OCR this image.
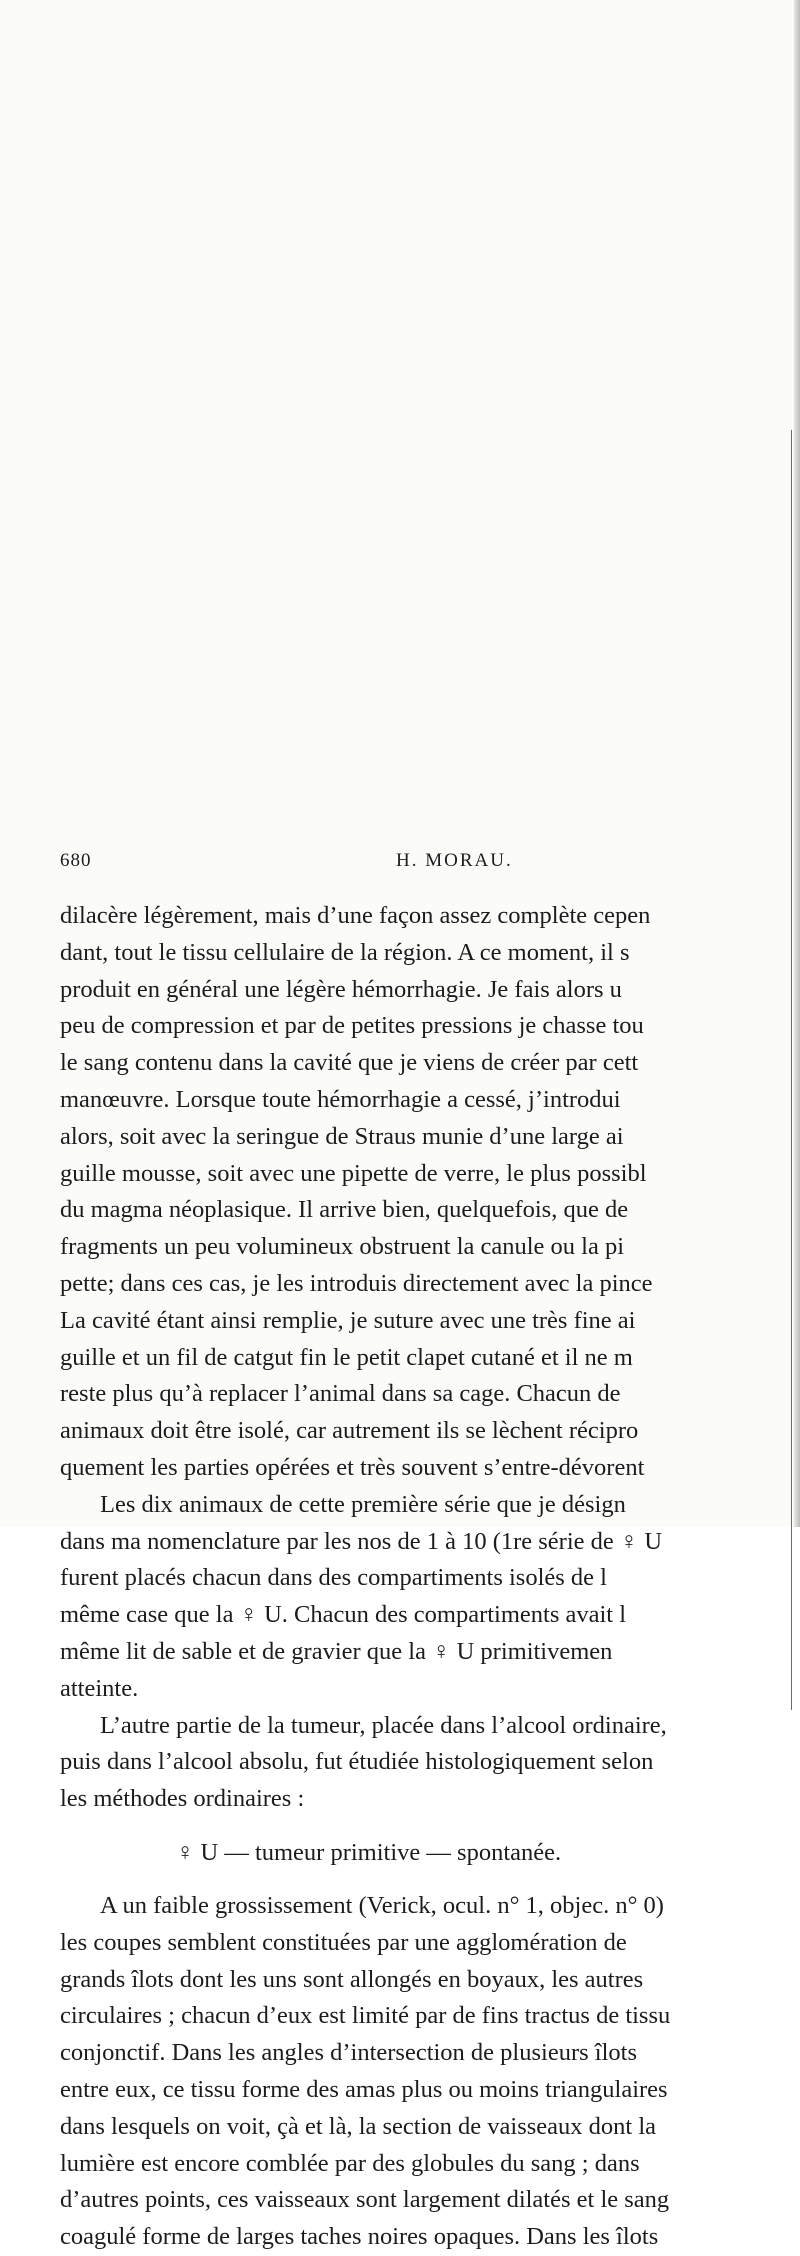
680	H. MORAU.
dilacère légèrement, mais d’une façon assez complète cepen
dant, tout le tissu cellulaire de la région. A ce moment, il s
produit en général une légère hémorrhagie. Je fais alors u
peu de compression et par de petites pressions je chasse tou
le sang contenu dans la cavité que je viens de créer par cett
manœuvre. Lorsque toute hémorrhagie a cessé, j’introdui
alors, soit avec la seringue de Straus munie d’une large ai
guille mousse, soit avec une pipette de verre, le plus possibl
du magma néoplasique. Il arrive bien, quelquefois, que de
fragments un peu volumineux obstruent la canule ou la pi
pette; dans ces cas, je les introduis directement avec la pince
La cavité étant ainsi remplie, je suture avec une très fine ai
guille et un fil de catgut fin le petit clapet cutané et il ne m
reste plus qu’à replacer l’animal dans sa cage. Chacun de
animaux doit être isolé, car autrement ils se lèchent récipro
quement les parties opérées et très souvent s’entre-dévorent
Les dix animaux de cette première série que je désign
dans ma nomenclature par les nos de 1 à 10 (1re série de ♀ U
furent placés chacun dans des compartiments isolés de l
même case que la ♀ U. Chacun des compartiments avait l
même lit de sable et de gravier que la ♀ U primitivemen
atteinte.
L’autre partie de la tumeur, placée dans l’alcool ordinaire,
puis dans l’alcool absolu, fut étudiée histologiquement selon
les méthodes ordinaires :
♀ U — tumeur primitive — spontanée.
A un faible grossissement (Verick, ocul. n° 1, objec. n° 0)
les coupes semblent constituées par une agglomération de
grands îlots dont les uns sont allongés en boyaux, les autres
circulaires ; chacun d’eux est limité par de fins tractus de tissu
conjonctif. Dans les angles d’intersection de plusieurs îlots
entre eux, ce tissu forme des amas plus ou moins triangulaires
dans lesquels on voit, çà et là, la section de vaisseaux dont la
lumière est encore comblée par des globules du sang ; dans
d’autres points, ces vaisseaux sont largement dilatés et le sang
coagulé forme de larges taches noires opaques. Dans les îlots
